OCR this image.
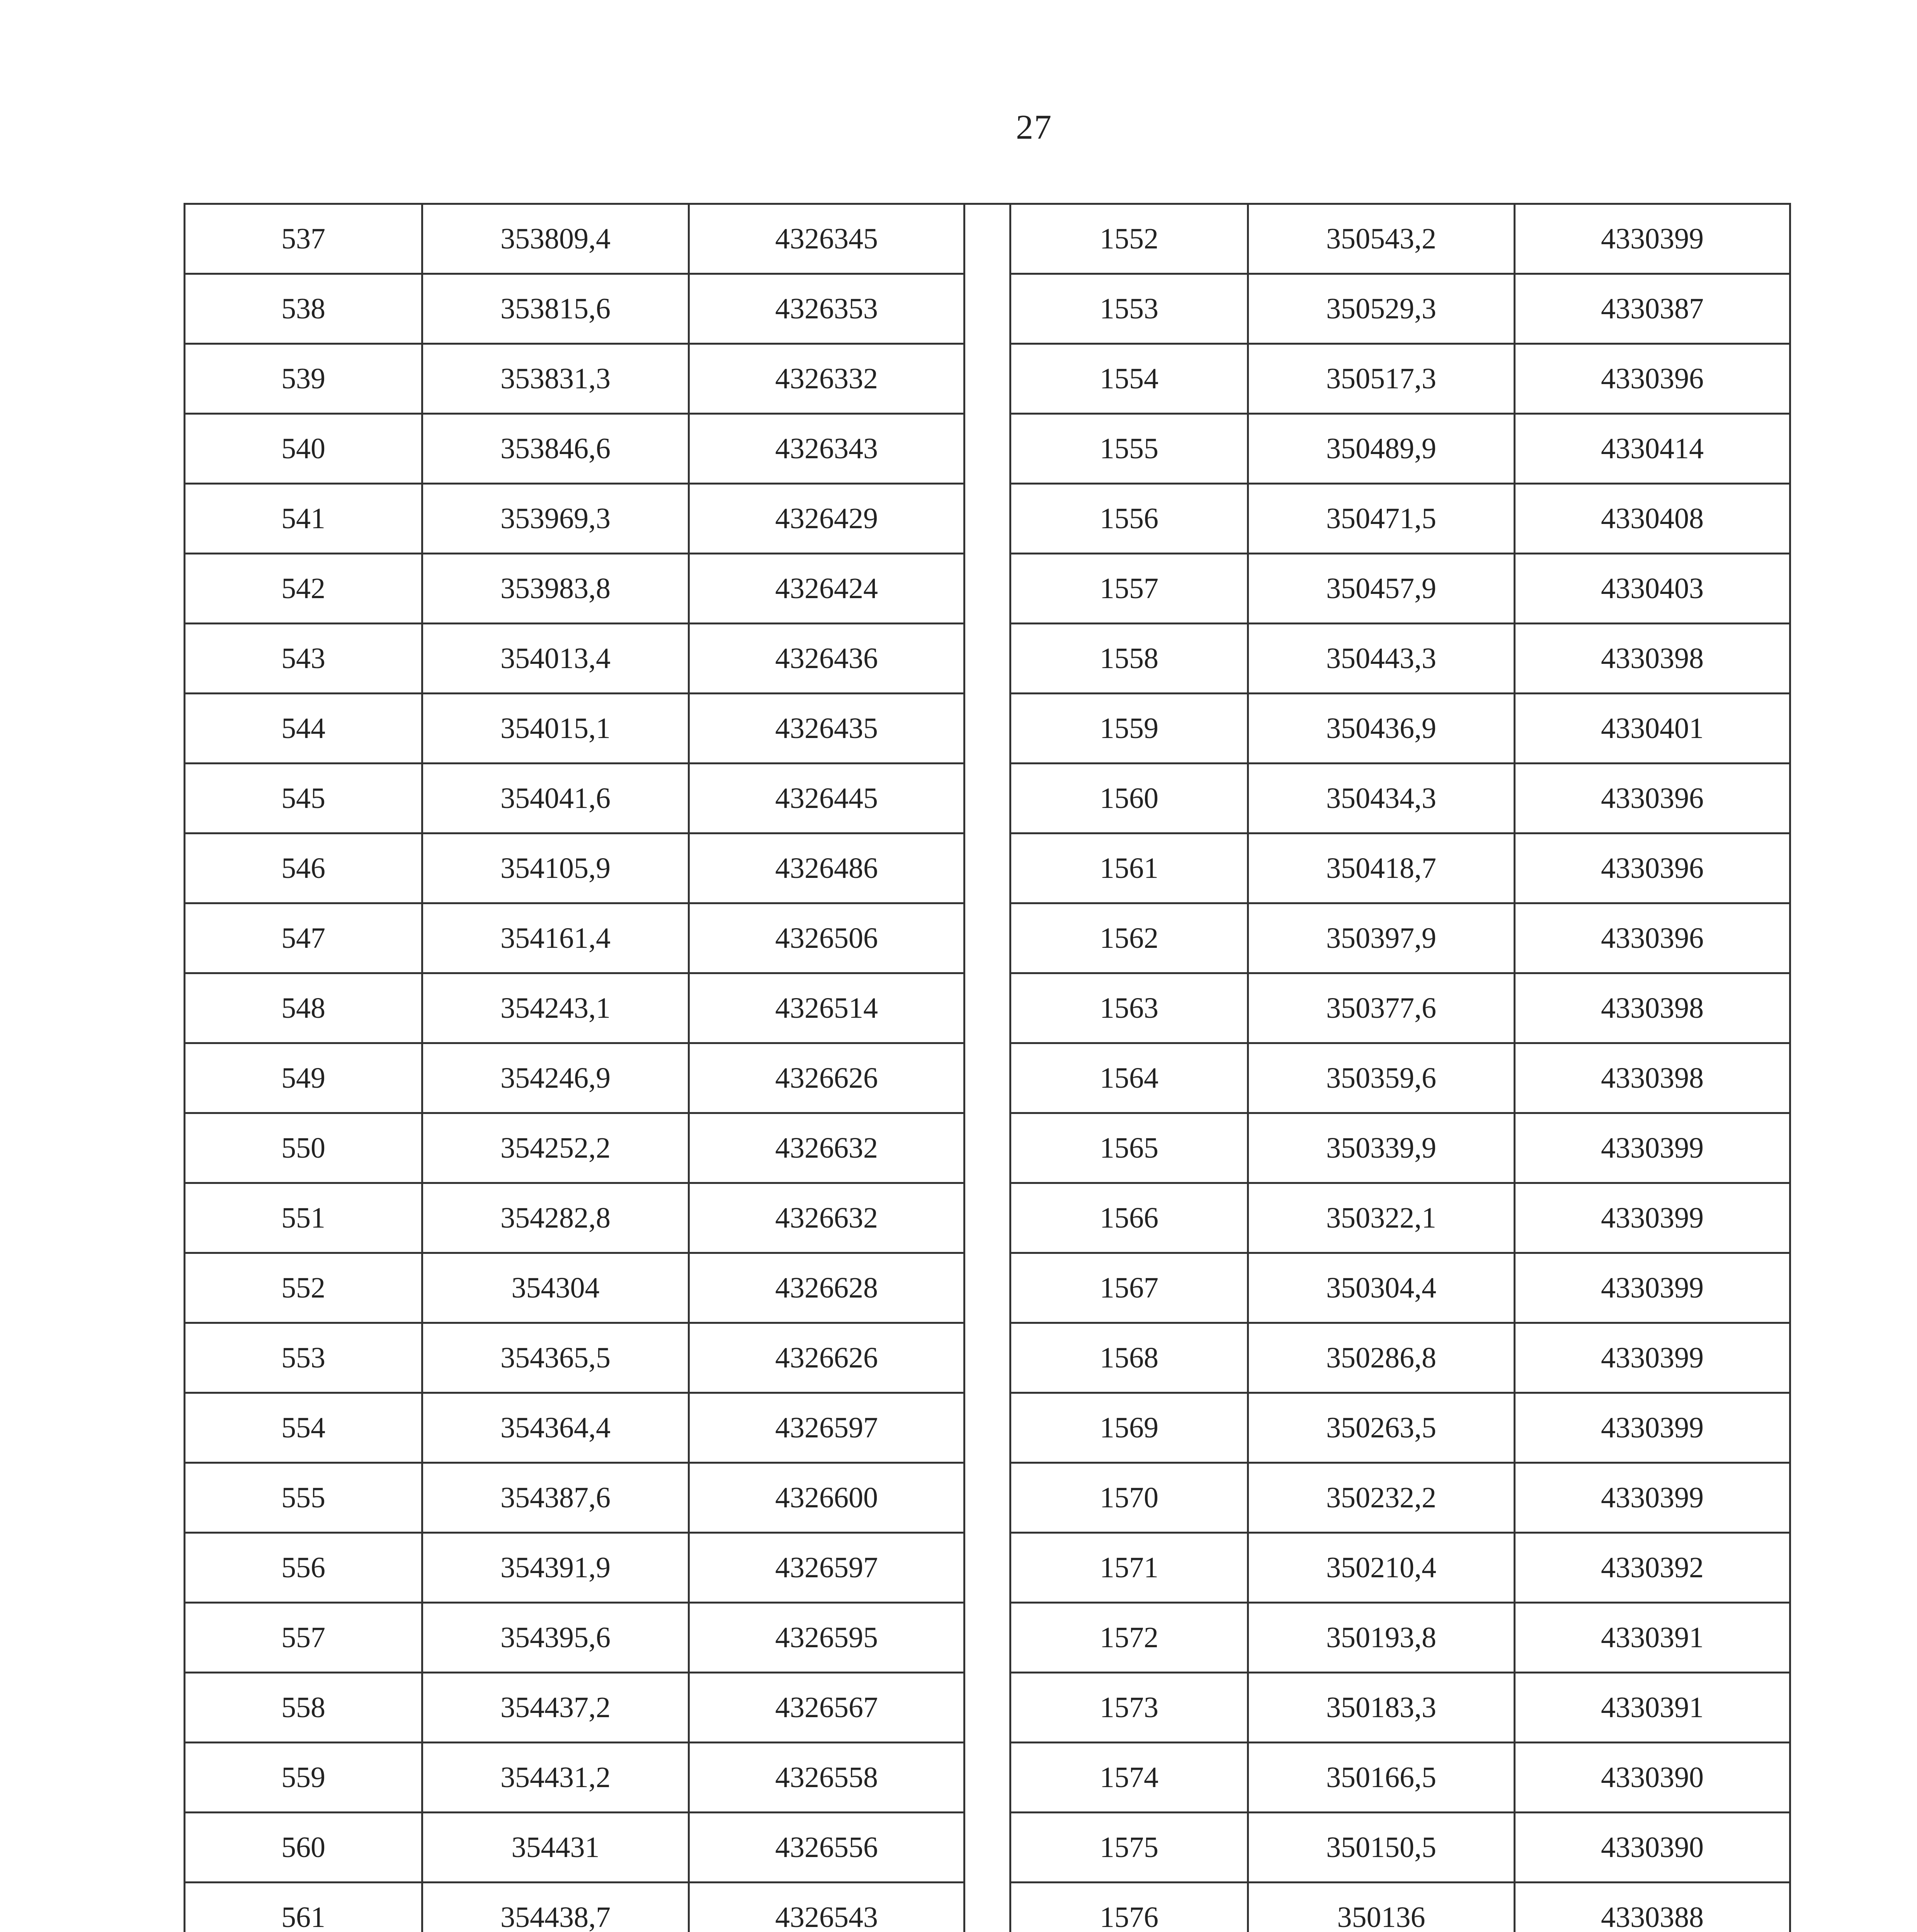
27
537	353809,4	4326345
538	353815,6	4326353
539	353831,3	4326332
540	353846,6	4326343
541	353969,3	4326429
542	353983,8	4326424
543	354013,4	4326436
544	354015,1	4326435
545	354041,6	4326445
546	354105,9	4326486
547	354161,4	4326506
548	354243,1	4326514
549	354246,9	4326626
550	354252,2	4326632
551	354282,8	4326632
552	354304	4326628
553	354365,5	4326626
554	354364,4	4326597
555	354387,6	4326600
556	354391,9	4326597
557	354395,6	4326595
558	354437,2	4326567
559	354431,2	4326558
560	354431	4326556
561	354438,7	4326543

1552	350543,2	4330399
1553	350529,3	4330387
1554	350517,3	4330396
1555	350489,9	4330414
1556	350471,5	4330408
1557	350457,9	4330403
1558	350443,3	4330398
1559	350436,9	4330401
1560	350434,3	4330396
1561	350418,7	4330396
1562	350397,9	4330396
1563	350377,6	4330398
1564	350359,6	4330398
1565	350339,9	4330399
1566	350322,1	4330399
1567	350304,4	4330399
1568	350286,8	4330399
1569	350263,5	4330399
1570	350232,2	4330399
1571	350210,4	4330392
1572	350193,8	4330391
1573	350183,3	4330391
1574	350166,5	4330390
1575	350150,5	4330390
1576	350136	4330388
